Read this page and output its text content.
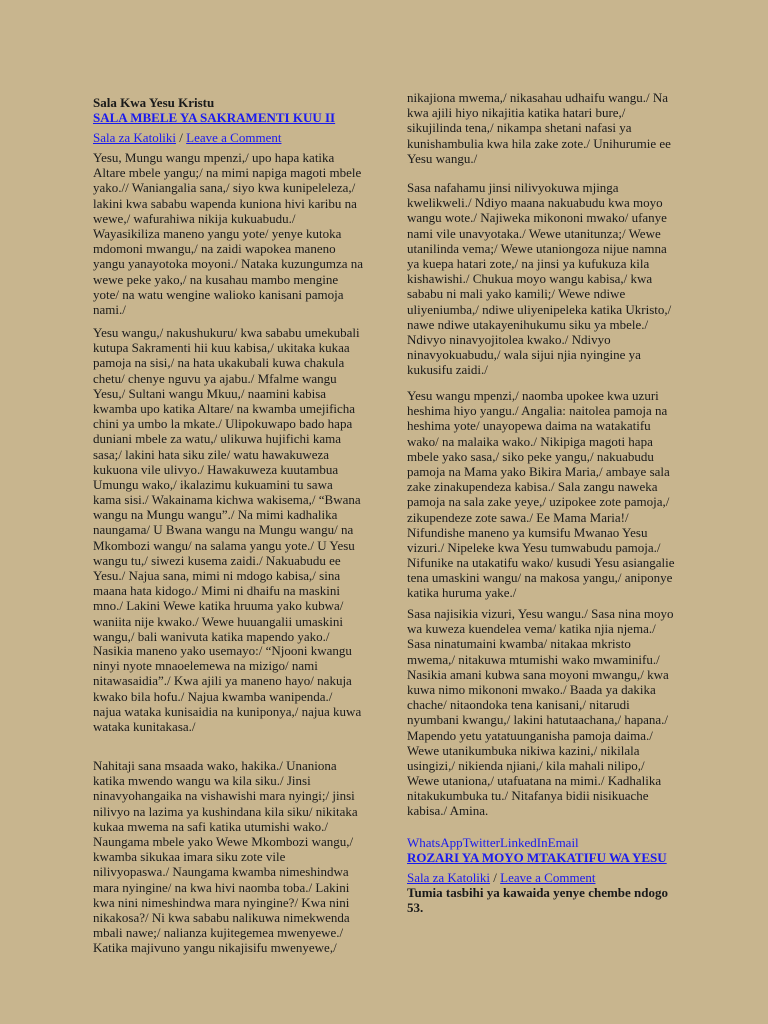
Sala Kwa Yesu Kristu
SALA MBELE YA SAKRAMENTI KUU II
Sala za Katoliki / Leave a Comment
Yesu, Mungu wangu mpenzi,/ upo hapa katika
Altare mbele yangu;/ na mimi napiga magoti mbele
yako.// Waniangalia sana,/ siyo kwa kunipeleleza,/
lakini kwa sababu wapenda kuniona hivi karibu na
wewe,/ wafurahiwa nikija kukuabudu./
Wayasikiliza maneno yangu yote/ yenye kutoka
mdomoni mwangu,/ na zaidi wapokea maneno
yangu yanayotoka moyoni./ Nataka kuzungumza na
wewe peke yako,/ na kusahau mambo mengine
yote/ na watu wengine walioko kanisani pamoja
nami./
Yesu wangu,/ nakushukuru/ kwa sababu umekubali
kutupa Sakramenti hii kuu kabisa,/ ukitaka kukaa
pamoja na sisi,/ na hata ukakubali kuwa chakula
chetu/ chenye nguvu ya ajabu./ Mfalme wangu
Yesu,/ Sultani wangu Mkuu,/ naamini kabisa
kwamba upo katika Altare/ na kwamba umejificha
chini ya umbo la mkate./ Ulipokuwapo bado hapa
duniani mbele za watu,/ ulikuwa hujifichi kama
sasa;/ lakini hata siku zile/ watu hawakuweza
kukuona vile ulivyo./ Hawakuweza kuutambua
Umungu wako,/ ikalazimu kukuamini tu sawa
kama sisi./ Wakainama kichwa wakisema,/ “Bwana
wangu na Mungu wangu”./ Na mimi kadhalika
naungama/ U Bwana wangu na Mungu wangu/ na
Mkombozi wangu/ na salama yangu yote./ U Yesu
wangu tu,/ siwezi kusema zaidi./ Nakuabudu ee
Yesu./ Najua sana, mimi ni mdogo kabisa,/ sina
maana hata kidogo./ Mimi ni dhaifu na maskini
mno./ Lakini Wewe katika hruuma yako kubwa/
waniita nije kwako./ Wewe huuangalii umaskini
wangu,/ bali wanivuta katika mapendo yako./
Nasikia maneno yako usemayo:/ “Njooni kwangu
ninyi nyote mnaoelemewa na mizigo/ nami
nitawasaidia”./ Kwa ajili ya maneno hayo/ nakuja
kwako bila hofu./ Najua kwamba wanipenda./
najua wataka kunisaidia na kuniponya,/ najua kuwa
wataka kunitakasa./
Nahitaji sana msaada wako, hakika./ Unaniona
katika mwendo wangu wa kila siku./ Jinsi
ninavyohangaika na vishawishi mara nyingi;/ jinsi
nilivyo na lazima ya kushindana kila siku/ nikitaka
kukaa mwema na safi katika utumishi wako./
Naungama mbele yako Wewe Mkombozi wangu,/
kwamba sikukaa imara siku zote vile
nilivyopaswa./ Naungama kwamba nimeshindwa
mara nyingine/ na kwa hivi naomba toba./ Lakini
kwa nini nimeshindwa mara nyingine?/ Kwa nini
nikakosa?/ Ni kwa sababu nalikuwa nimekwenda
mbali nawe;/ nalianza kujitegemea mwenyewe./
Katika majivuno yangu nikajisifu mwenyewe,/
nikajiona mwema,/ nikasahau udhaifu wangu./ Na
kwa ajili hiyo nikajitia katika hatari bure,/
sikujilinda tena,/ nikampa shetani nafasi ya
kunishambulia kwa hila zake zote./ Unihurumie ee
Yesu wangu./
Sasa nafahamu jinsi nilivyokuwa mjinga
kwelikweli./ Ndiyo maana nakuabudu kwa moyo
wangu wote./ Najiweka mikononi mwako/ ufanye
nami vile unavyotaka./ Wewe utanitunza;/ Wewe
utanilinda vema;/ Wewe utaniongoza nijue namna
ya kuepa hatari zote,/ na jinsi ya kufukuza kila
kishawishi./ Chukua moyo wangu kabisa,/ kwa
sababu ni mali yako kamili;/ Wewe ndiwe
uliyeniumba,/ ndiwe uliyenipeleka katika Ukristo,/
nawe ndiwe utakayenihukumu siku ya mbele./
Ndivyo ninavyojitolea kwako./ Ndivyo
ninavyokuabudu,/ wala sijui njia nyingine ya
kukusifu zaidi./
Yesu wangu mpenzi,/ naomba upokee kwa uzuri
heshima hiyo yangu./ Angalia: naitolea pamoja na
heshima yote/ unayopewa daima na watakatifu
wako/ na malaika wako./ Nikipiga magoti hapa
mbele yako sasa,/ siko peke yangu,/ nakuabudu
pamoja na Mama yako Bikira Maria,/ ambaye sala
zake zinakupendeza kabisa./ Sala zangu naweka
pamoja na sala zake yeye,/ uzipokee zote pamoja,/
zikupendeze zote sawa./ Ee Mama Maria!/
Nifundishe maneno ya kumsifu Mwanao Yesu
vizuri./ Nipeleke kwa Yesu tumwabudu pamoja./
Nifunike na utakatifu wako/ kusudi Yesu asiangalie
tena umaskini wangu/ na makosa yangu,/ aniponye
katika huruma yake./
Sasa najisikia vizuri, Yesu wangu./ Sasa nina moyo
wa kuweza kuendelea vema/ katika njia njema./
Sasa ninatumaini kwamba/ nitakaa mkristo
mwema,/ nitakuwa mtumishi wako mwaminifu./
Nasikia amani kubwa sana moyoni mwangu,/ kwa
kuwa nimo mikononi mwako./ Baada ya dakika
chache/ nitaondoka tena kanisani,/ nitarudi
nyumbani kwangu,/ lakini hatutaachana,/ hapana./
Mapendo yetu yatatuunganisha pamoja daima./
Wewe utanikumbuka nikiwa kazini,/ nikilala
usingizi,/ nikienda njiani,/ kila mahali nilipo,/
Wewe utaniona,/ utafuatana na mimi./ Kadhalika
nitakukumbuka tu./ Nitafanya bidii nisikuache
kabisa./ Amina.
WhatsAppTwitterLinkedInEmail
ROZARI YA MOYO MTAKATIFU WA YESU
Sala za Katoliki / Leave a Comment
Tumia tasbihi ya kawaida yenye chembe ndogo
53.
